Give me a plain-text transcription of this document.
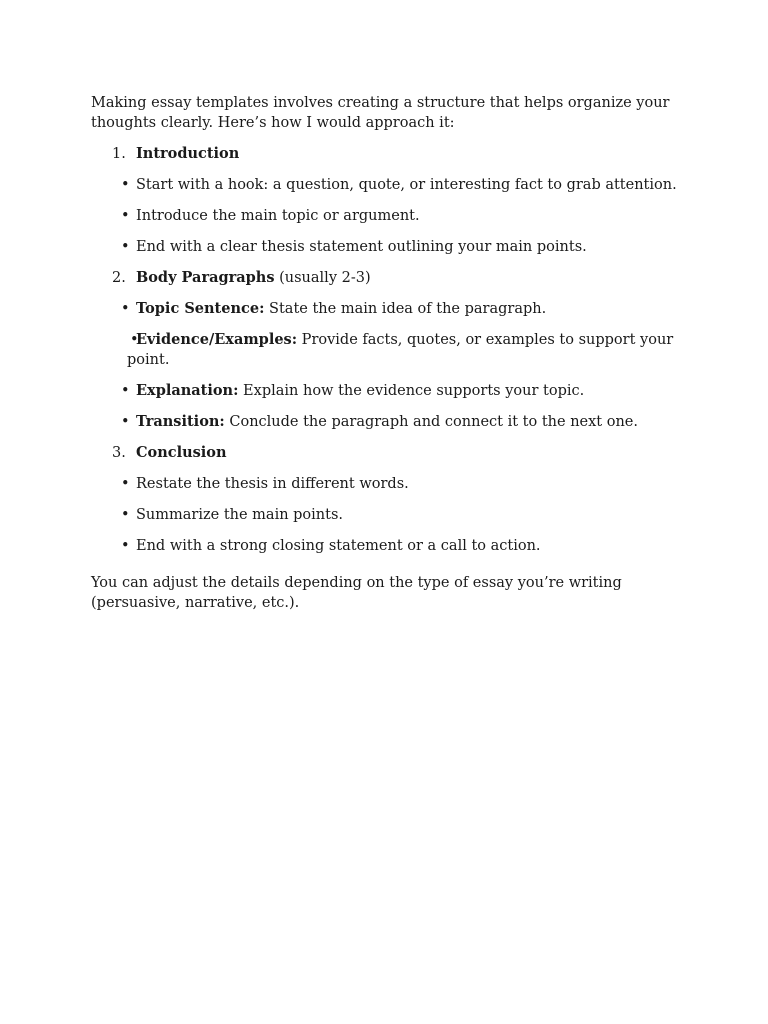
Making essay templates involves creating a structure that helps organize your thoughts clearly. Here’s how I would approach it:

1. Introduction
• Start with a hook: a question, quote, or interesting fact to grab attention.
• Introduce the main topic or argument.
• End with a clear thesis statement outlining your main points.
2. Body Paragraphs (usually 2-3)
• Topic Sentence: State the main idea of the paragraph.
•
Evidence/Examples: Provide facts, quotes, or examples to support your point.
• Explanation: Explain how the evidence supports your topic.
• Transition: Conclude the paragraph and connect it to the next one.
3. Conclusion
• Restate the thesis in different words.
• Summarize the main points.
• End with a strong closing statement or a call to action.

You can adjust the details depending on the type of essay you’re writing (persuasive, narrative, etc.).
